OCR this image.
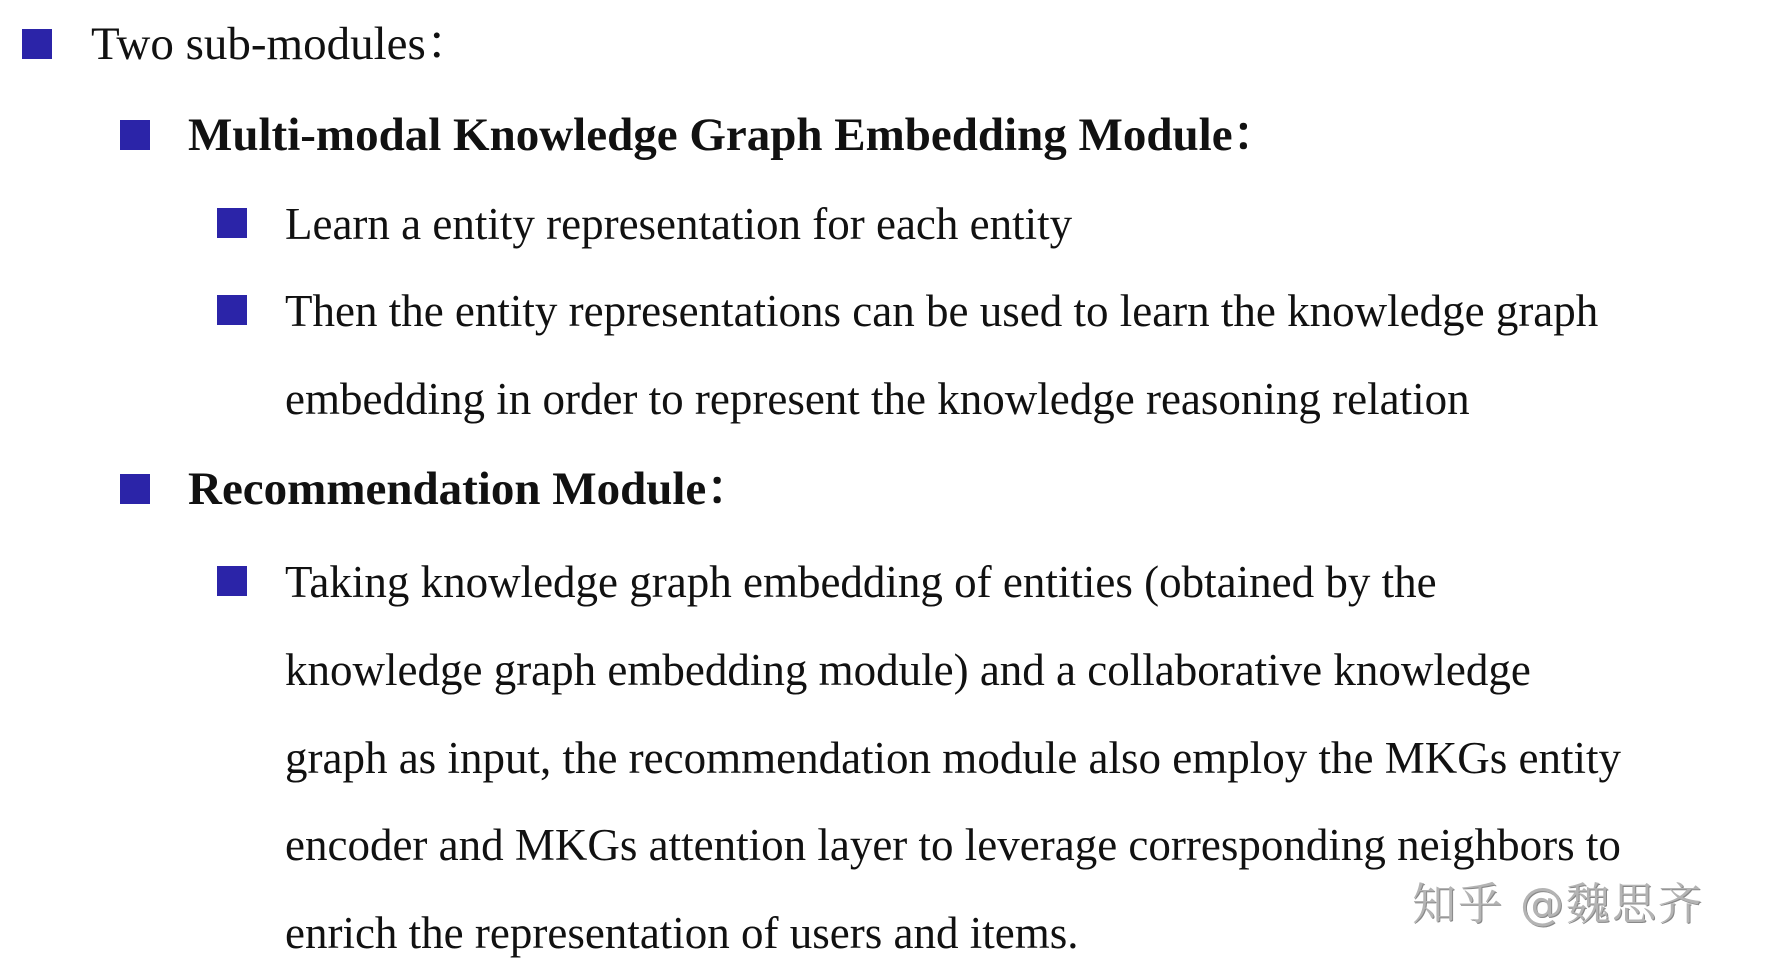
Two sub-modules：
Multi-modal Knowledge Graph Embedding Module：
Learn a entity representation for each entity
Then the entity representations can be used to learn the knowledge graph
embedding in order to represent the knowledge reasoning relation
Recommendation Module：
Taking knowledge graph embedding of entities (obtained by the
knowledge graph embedding module) and a collaborative knowledge
graph as input, the recommendation module also employ the MKGs entity
encoder and MKGs attention layer to leverage corresponding neighbors to
enrich the representation of users and items.
知乎 @魏思齐
